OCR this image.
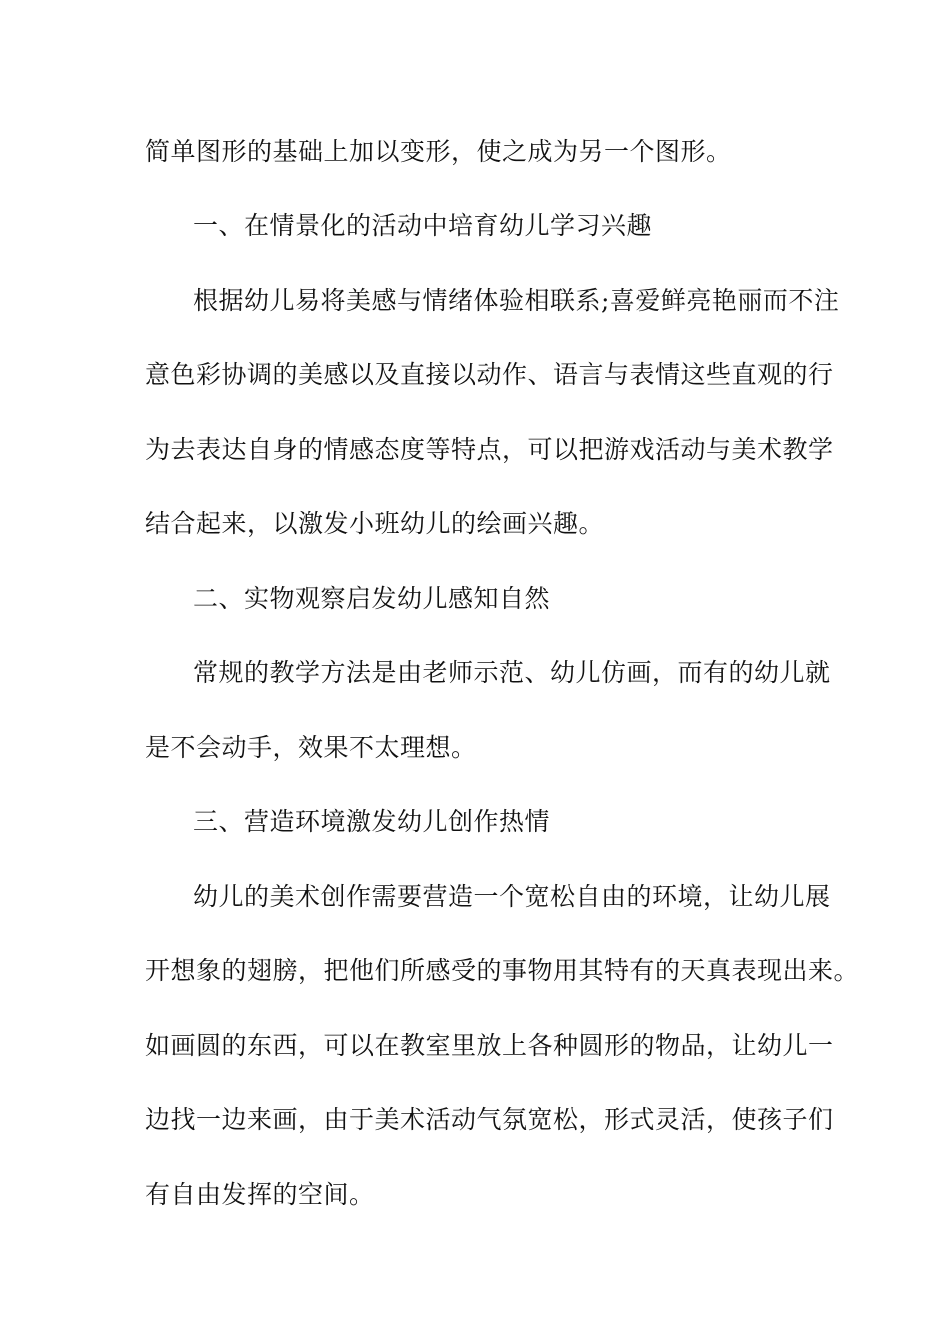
简单图形的基础上加以变形，使之成为另一个图形。
一、在情景化的活动中培育幼儿学习兴趣
根据幼儿易将美感与情绪体验相联系;喜爱鲜亮艳丽而不注
意色彩协调的美感以及直接以动作、语言与表情这些直观的行
为去表达自身的情感态度等特点，可以把游戏活动与美术教学
结合起来，以激发小班幼儿的绘画兴趣。
二、实物观察启发幼儿感知自然
常规的教学方法是由老师示范、幼儿仿画，而有的幼儿就
是不会动手，效果不太理想。
三、营造环境激发幼儿创作热情
幼儿的美术创作需要营造一个宽松自由的环境，让幼儿展
开想象的翅膀，把他们所感受的事物用其特有的天真表现出来。
如画圆的东西，可以在教室里放上各种圆形的物品，让幼儿一
边找一边来画，由于美术活动气氛宽松，形式灵活，使孩子们
有自由发挥的空间。
